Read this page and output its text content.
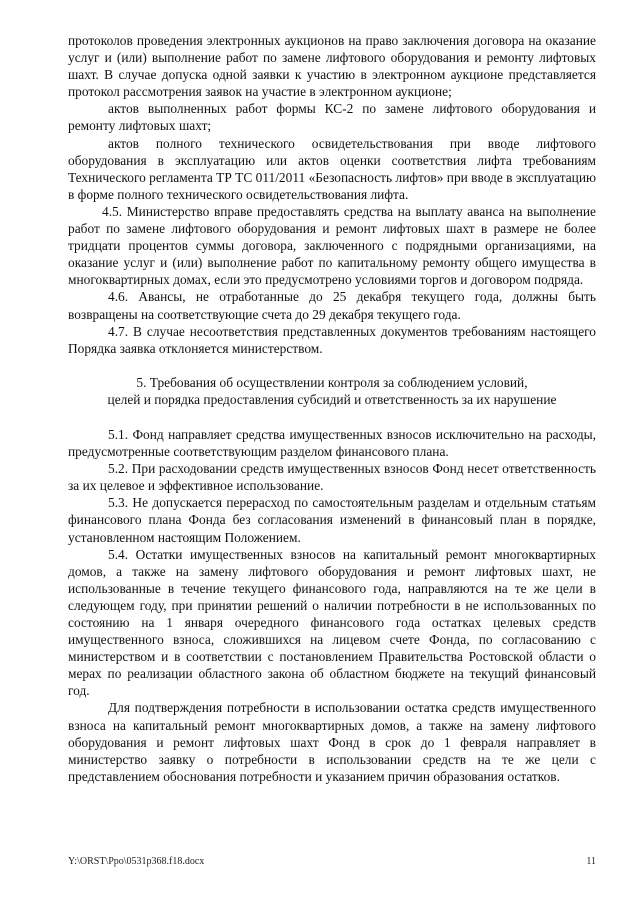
протоколов проведения электронных аукционов на право заключения договора на оказание услуг и (или) выполнение работ по замене лифтового оборудования и ремонту лифтовых шахт. В случае допуска одной заявки к участию в электронном аукционе представляется протокол рассмотрения заявок на участие в электронном аукционе;

актов выполненных работ формы КС-2 по замене лифтового оборудования и ремонту лифтовых шахт;

актов полного технического освидетельствования при вводе лифтового оборудования в эксплуатацию или актов оценки соответствия лифта требованиям Технического регламента ТР ТС 011/2011 «Безопасность лифтов» при вводе в эксплуатацию в форме полного технического освидетельствования лифта.

4.5. Министерство вправе предоставлять средства на выплату аванса на выполнение работ по замене лифтового оборудования и ремонт лифтовых шахт в размере не более тридцати процентов суммы договора, заключенного с подрядными организациями, на оказание услуг и (или) выполнение работ по капитальному ремонту общего имущества в многоквартирных домах, если это предусмотрено условиями торгов и договором подряда.

4.6. Авансы, не отработанные до 25 декабря текущего года, должны быть возвращены на соответствующие счета до 29 декабря текущего года.

4.7. В случае несоответствия представленных документов требованиям настоящего Порядка заявка отклоняется министерством.

5. Требования об осуществлении контроля за соблюдением условий,

целей и порядка предоставления субсидий и ответственность за их нарушение

5.1. Фонд направляет средства имущественных взносов исключительно на расходы, предусмотренные соответствующим разделом финансового плана.

5.2. При расходовании средств имущественных взносов Фонд несет ответственность за их целевое и эффективное использование.

5.3. Не допускается перерасход по самостоятельным разделам и отдельным статьям финансового плана Фонда без согласования изменений в финансовый план в порядке, установленном настоящим Положением.

5.4. Остатки имущественных взносов на капитальный ремонт многоквартирных домов, а также на замену лифтового оборудования и ремонт лифтовых шахт, не использованные в течение текущего финансового года, направляются на те же цели в следующем году, при принятии решений о наличии потребности в не использованных по состоянию на 1 января очередного финансового года остатках целевых средств имущественного взноса, сложившихся на лицевом счете Фонда, по согласованию с министерством и в соответствии с постановлением Правительства Ростовской области о мерах по реализации областного закона об областном бюджете на текущий финансовый год.

Для подтверждения потребности в использовании остатка средств имущественного взноса на капитальный ремонт многоквартирных домов, а также на замену лифтового оборудования и ремонт лифтовых шахт Фонд в срок до 1 февраля направляет в министерство заявку о потребности в использовании средств на те же цели с представлением обоснования потребности и указанием причин образования остатков.

Y:\ORST\Ppo\0531p368.f18.docx	11
